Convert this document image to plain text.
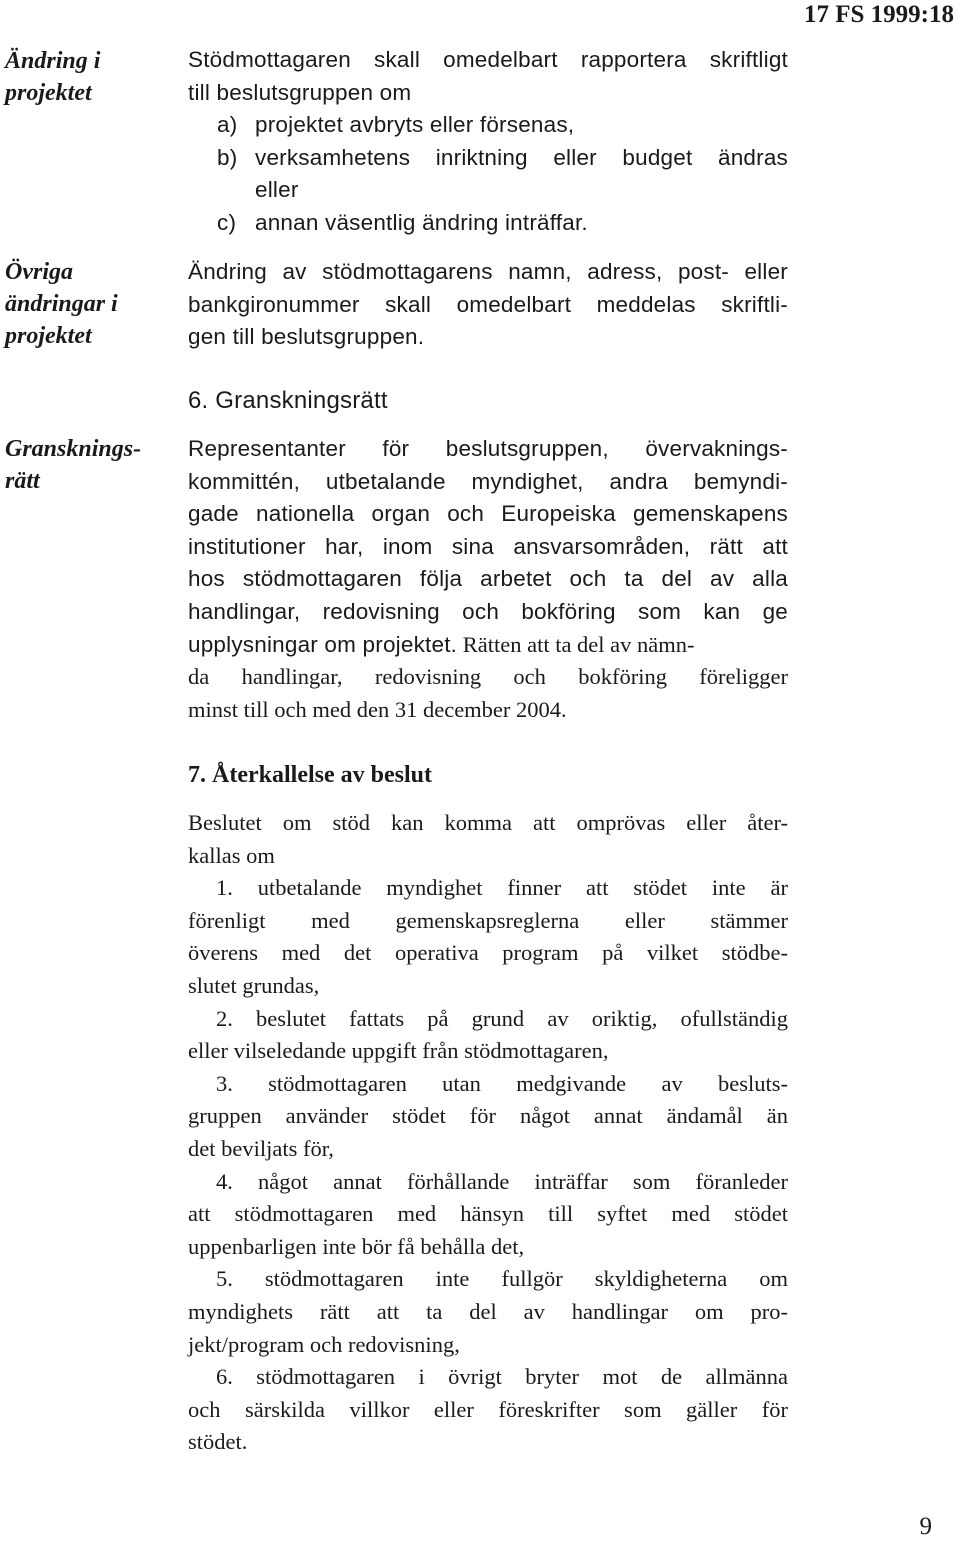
17 FS 1999:18
Ändring i
projektet
Övriga
ändringar i
projektet
Gransknings-
rätt
Stödmottagaren skall omedelbart rapportera skriftligt
till beslutsgruppen om
a) projektet avbryts eller försenas,
b) verksamhetens inriktning eller budget ändras
eller
c) annan väsentlig ändring inträffar.
Ändring av stödmottagarens namn, adress, post- eller
bankgironummer skall omedelbart meddelas skriftli-
gen till beslutsgruppen.
6. Granskningsrätt
Representanter för beslutsgruppen, övervaknings-
kommittén, utbetalande myndighet, andra bemyndi-
gade nationella organ och Europeiska gemenskapens
institutioner har, inom sina ansvarsområden, rätt att
hos stödmottagaren följa arbetet och ta del av alla
handlingar, redovisning och bokföring som kan ge
upplysningar om projektet. Rätten att ta del av nämn-
da handlingar, redovisning och bokföring föreligger
minst till och med den 31 december 2004.
7. Återkallelse av beslut
Beslutet om stöd kan komma att omprövas eller åter-
kallas om
1. utbetalande myndighet finner att stödet inte är
förenligt med gemenskapsreglerna eller stämmer
överens med det operativa program på vilket stödbe-
slutet grundas,
2. beslutet fattats på grund av oriktig, ofullständig
eller vilseledande uppgift från stödmottagaren,
3. stödmottagaren utan medgivande av besluts-
gruppen använder stödet för något annat ändamål än
det beviljats för,
4. något annat förhållande inträffar som föranleder
att stödmottagaren med hänsyn till syftet med stödet
uppenbarligen inte bör få behålla det,
5. stödmottagaren inte fullgör skyldigheterna om
myndighets rätt att ta del av handlingar om pro-
jekt/program och redovisning,
6. stödmottagaren i övrigt bryter mot de allmänna
och särskilda villkor eller föreskrifter som gäller för
stödet.
9
